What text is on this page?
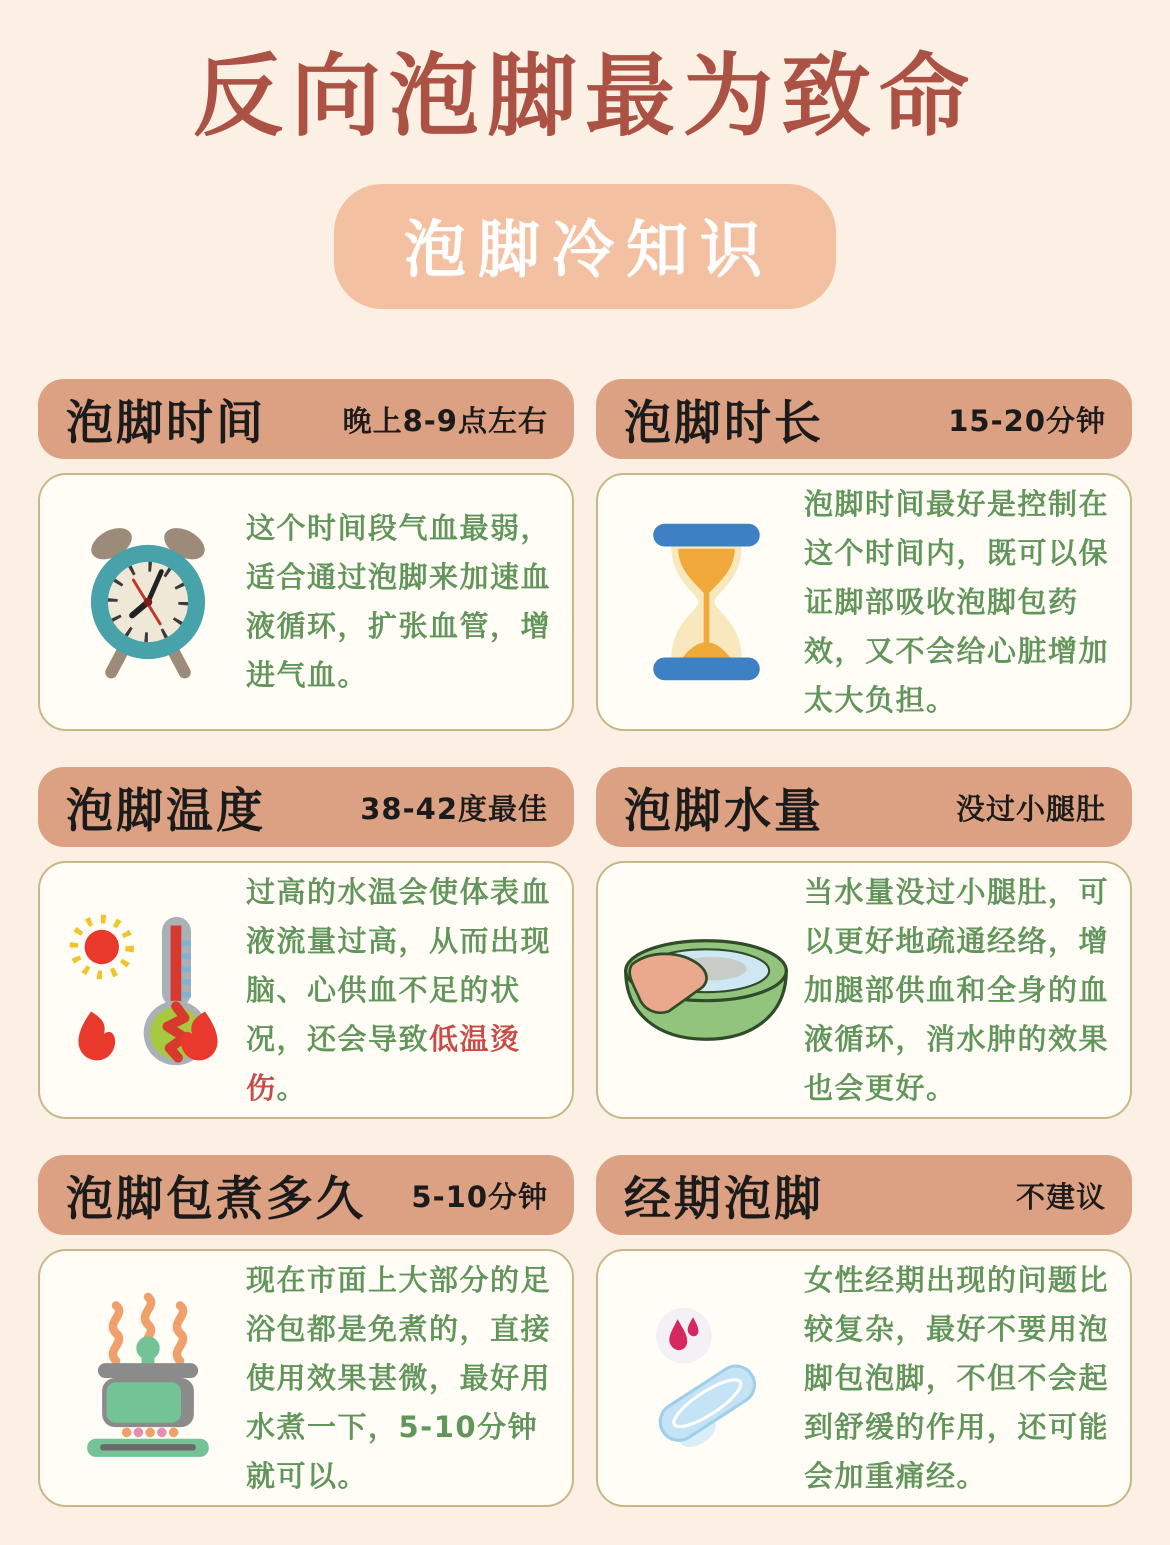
反向泡脚最为致命
泡脚冷知识
泡脚时间	晚上8-9点左右

这个时间段气血最弱，适合通过泡脚来加速血液循环，扩张血管，增进气血。

泡脚时长	15-20分钟

泡脚时间最好是控制在这个时间内，既可以保证脚部吸收泡脚包药效，又不会给心脏增加太大负担。

泡脚温度	38-42度最佳

过高的水温会使体表血液流量过高，从而出现脑、心供血不足的状况，还会导致低温烫伤。

泡脚水量	没过小腿肚

当水量没过小腿肚，可以更好地疏通经络，增加腿部供血和全身的血液循环，消水肿的效果也会更好。

泡脚包煮多久 5-10分钟

现在市面上大部分的足浴包都是免煮的，直接使用效果甚微，最好用水煮一下，5-10分钟就可以。

经期泡脚	不建议

女性经期出现的问题比较复杂，最好不要用泡脚包泡脚，不但不会起到舒缓的作用，还可能会加重痛经。
